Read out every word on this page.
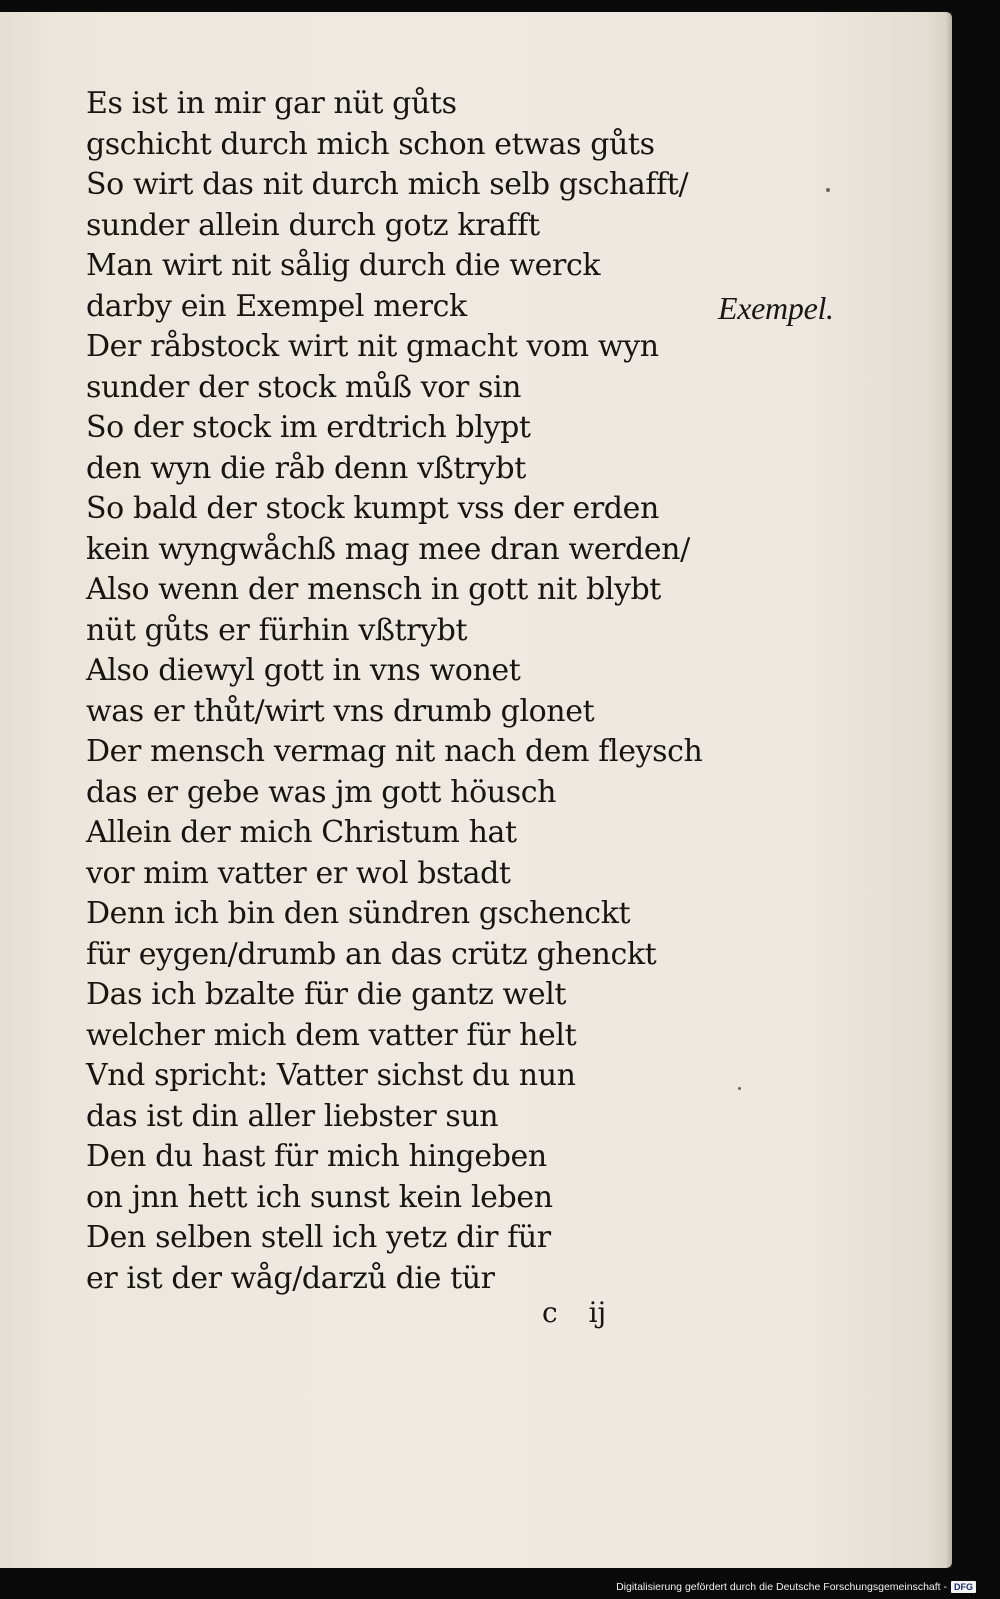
Es ist in mir gar nüt gůts
gschicht durch mich schon etwas gůts
So wirt das nit durch mich selb gschafft/
sunder allein durch gotz krafft
Man wirt nit sålig durch die werck
darby ein Exempel merck
Der råbstock wirt nit gmacht vom wyn
sunder der stock můß vor sin
So der stock im erdtrich blypt
den wyn die råb denn vßtrybt
So bald der stock kumpt vss der erden
kein wyngwåchß mag mee dran werden/
Also wenn der mensch in gott nit blybt
nüt gůts er fürhin vßtrybt
Also diewyl gott in vns wonet
was er thůt/wirt vns drumb glonet
Der mensch vermag nit nach dem fleysch
das er gebe was jm gott höusch
Allein der mich Christum hat
vor mim vatter er wol bstadt
Denn ich bin den sündren gschenckt
für eygen/drumb an das crütz ghenckt
Das ich bzalte für die gantz welt
welcher mich dem vatter für helt
Vnd spricht: Vatter sichst du nun
das ist din aller liebster sun
Den du hast für mich hingeben
on jnn hett ich sunst kein leben
Den selben stell ich yetz dir für
er ist der wåg/darzů die tür
Exempel.
c ij
Digitalisierung gefördert durch die Deutsche Forschungsgemeinschaft - DFG
